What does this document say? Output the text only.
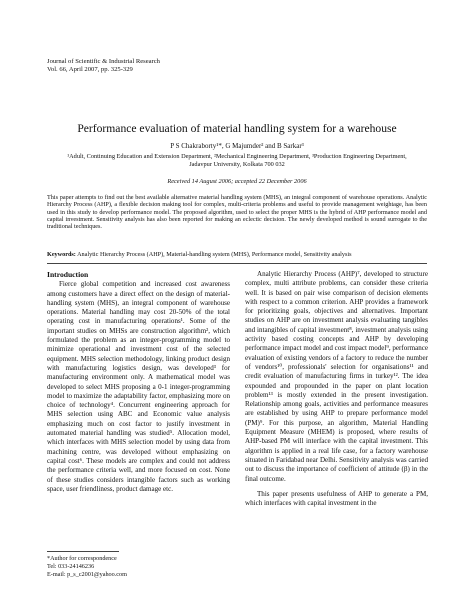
Journal of Scientific & Industrial Research
Vol. 66, April 2007, pp. 325-329
Performance evaluation of material handling system for a warehouse
P S Chakraborty¹*, G Majumder² and B Sarkar³
¹Adult, Continuing Education and Extension Department, ²Mechanical Engineering Department, ³Production Engineering Department,
Jadavpur University, Kolkata 700 032
Received 14 August 2006; accepted 22 December 2006
This paper attempts to find out the best available alternative material handling system (MHS), an integral component of warehouse operations. Analytic Hierarchy Process (AHP), a flexible decision making tool for complex, multi-criteria problems and useful to provide management weightage, has been used in this study to develop performance model. The proposed algorithm, used to select the proper MHS is the hybrid of AHP performance model and capital investment. Sensitivity analysis has also been reported for making an eclectic decision. The newly developed method is sound surrogate to the traditional techniques.
Keywords: Analytic Hierarchy Process (AHP), Material-handling system (MHS), Performance model, Sensitivity analysis
Introduction

Fierce global competition and increased cost awareness among customers have a direct effect on the design of material-handling system (MHS), an integral component of warehouse operations. Material handling may cost 20-50% of the total operating cost in manufacturing operations¹. Some of the important studies on MHSs are construction algorithm², which formulated the problem as an integer-programming model to minimize operational and investment cost of the selected equipment. MHS selection methodology, linking product design with manufacturing logistics design, was developed³ for manufacturing environment only. A mathematical model was developed to select MHS proposing a 0-1 integer-programming model to maximize the adaptability factor, emphasizing more on choice of technology⁴. Concurrent engineering approach for MHS selection using ABC and Economic value analysis emphasizing much on cost factor to justify investment in automated material handling was studied⁵. Allocation model, which interfaces with MHS selection model by using data from machining centre, was developed without emphasizing on capital cost⁶. These models are complex and could not address the performance criteria well, and more focused on cost. None of these studies considers intangible factors such as working space, user friendliness, product damage etc.

Analytic Hierarchy Process (AHP)⁷, developed to structure complex, multi attribute problems, can consider these criteria well. It is based on pair wise comparison of decision elements with respect to a common criterion. AHP provides a framework for prioritizing goals, objectives and alternatives. Important studies on AHP are on investment analysis evaluating tangibles and intangibles of capital investment⁸, investment analysis using activity based costing concepts and AHP by developing performance impact model and cost impact model⁹, performance evaluation of existing vendors of a factory to reduce the number of vendors¹⁰, professionals' selection for organisations¹¹ and credit evaluation of manufacturing firms in turkey¹². The idea expounded and propounded in the paper on plant location problem¹³ is mostly extended in the present investigation. Relationship among goals, activities and performance measures are established by using AHP to prepare performance model (PM)⁹. For this purpose, an algorithm, Material Handling Equipment Measure (MHEM) is proposed, where results of AHP-based PM will interface with the capital investment. This algorithm is applied in a real life case, for a factory warehouse situated in Faridabad near Delhi. Sensitivity analysis was carried out to discuss the importance of coefficient of attitude (β) in the final outcome.

This paper presents usefulness of AHP to generate a PM, which interfaces with capital investment in the

*Author for correspondence
Tel: 033-24146236
E-mail: p_s_c2001@yahoo.com
